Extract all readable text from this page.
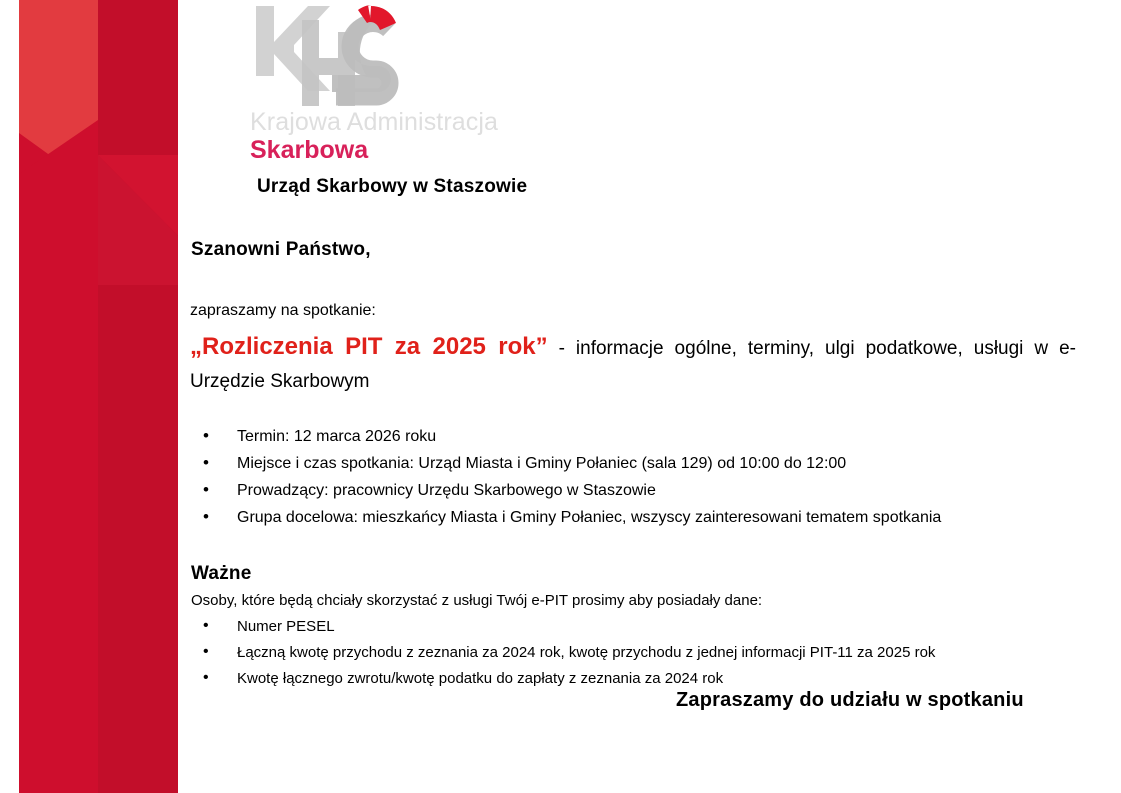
Krajowa Administracja
Skarbowa
Urząd Skarbowy w Staszowie
Szanowni Państwo,
zapraszamy na spotkanie:
„Rozliczenia PIT za 2025 rok” - informacje ogólne, terminy, ulgi podatkowe, usługi w e-Urzędzie Skarbowym
• Termin: 12 marca 2026 roku
• Miejsce i czas spotkania: Urząd Miasta i Gminy Połaniec (sala 129) od 10:00 do 12:00
• Prowadzący: pracownicy Urzędu Skarbowego w Staszowie
• Grupa docelowa: mieszkańcy Miasta i Gminy Połaniec, wszyscy zainteresowani tematem spotkania
Ważne
Osoby, które będą chciały skorzystać z usługi Twój e-PIT prosimy aby posiadały dane:
• Numer PESEL
• Łączną kwotę przychodu z zeznania za 2024 rok, kwotę przychodu z jednej informacji PIT-11 za 2025 rok
• Kwotę łącznego zwrotu/kwotę podatku do zapłaty z zeznania za 2024 rok
Zapraszamy do udziału w spotkaniu
